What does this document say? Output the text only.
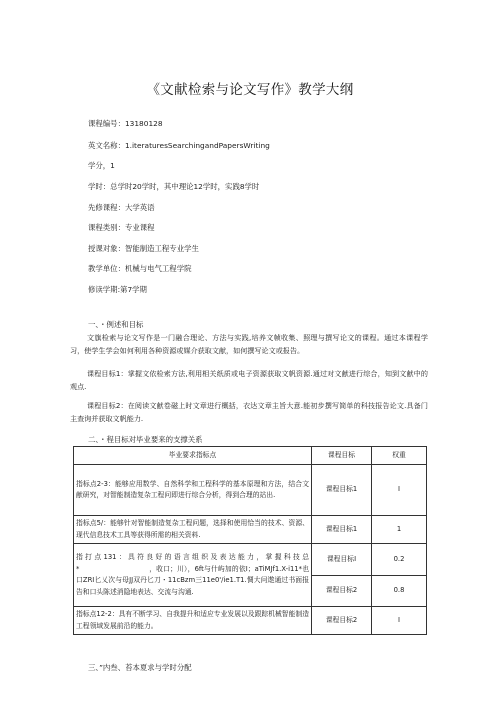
《文献检索与论文写作》教学大纲
课程编号：13180128
英文名称：1.iteraturesSearchingandPapersWriting
学分，1
学时：总学时20学时，其中理论12学时，实践8学时
先修课程：大学英语
课程类别：专业课程
授课对象：智能制造工程专业学生
教学单位：机械与电气工程学院
修读学期:第7学期
一、・例述和目标
文旗检索与论文写作是一门融合理论、方法与实践,培养文帧收集、照理与撰写论文的课程。通过本课程学习，使学生学会如何利用各种资源或媒介获取文献，如何撰写论文或报告。
课程目标1：掌握文依检索方法,利用相关纸质或电子资源获取文帆资源.通过对文献进行综合，知到文献中的观点.
课程目标2：在阅读文献卷磁上时文章进行概括，衣达文章主旨大意.能初步撰写简单的科技报告论文.具备门主查询并获取文帆能力.
二、・程目标对毕业要来的支撑关系
毕业要求指标点	课程目标	权重
指标点2-3：能够应用数学、自然科学和工程科学的基本原理和方法，结合文献研究，对智能制造复杂工程问即进行综合分析，得到合理的站出.	课程目标1	I
指标点5/：能够针对智能制造复杂工程问题，选择和使用恰当的技术、资源、现代信息技术工具等获得所需的相关资料.	课程目标1	1
指打点131：具符良好的语言组织及表达能力，掌握科技总*　　　　　　　　　　，收口；川），6ft与什屿加的依I；aTiMJf1.X-i11*也口ZRI匕乂次与母JJ双丹匕刀・11cBzm三11e0'/ie1.T1.惆大问遨通过书面报告和口头陈述消隐地表达、交流与沟通.	课程目标I	0.2
	课程目标2	0.8
指标点12-2：具有不断学习、自我提升和适应专业发展以及跟踪机械智能制造工程领域发展前沿的能力。	课程目标2	I
三、”内叁、苔本夏求与学时分配
